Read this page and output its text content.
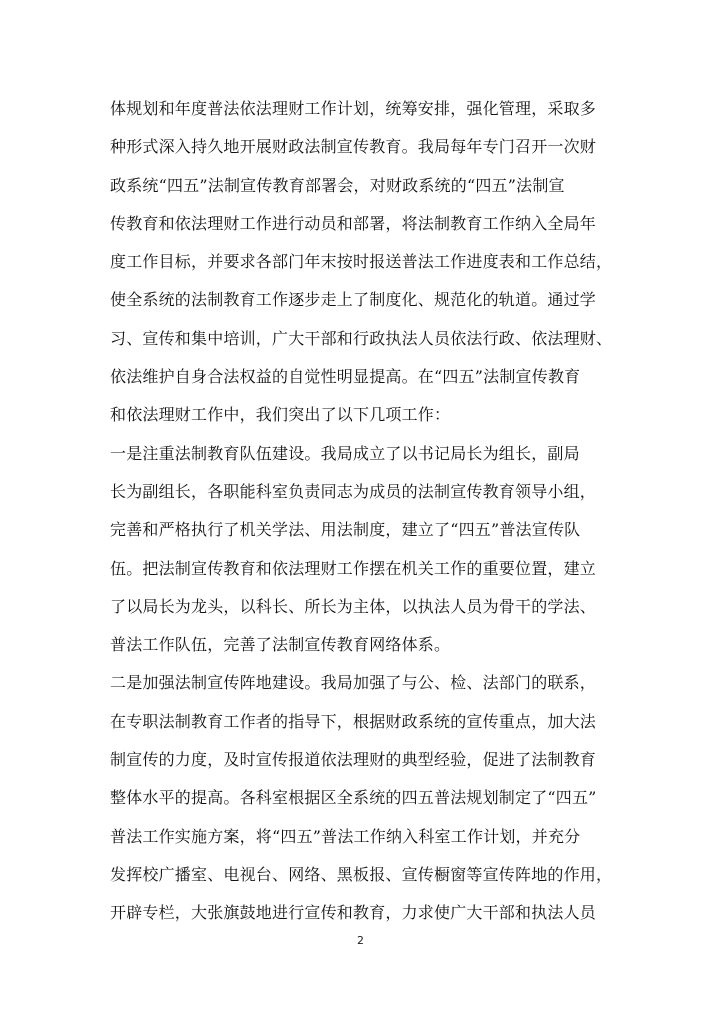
体规划和年度普法依法理财工作计划，统筹安排，强化管理，采取多
种形式深入持久地开展财政法制宣传教育。我局每年专门召开一次财
政系统“四五”法制宣传教育部署会，对财政系统的“四五”法制宣
传教育和依法理财工作进行动员和部署，将法制教育工作纳入全局年
度工作目标，并要求各部门年末按时报送普法工作进度表和工作总结，
使全系统的法制教育工作逐步走上了制度化、规范化的轨道。通过学
习、宣传和集中培训，广大干部和行政执法人员依法行政、依法理财、
依法维护自身合法权益的自觉性明显提高。在“四五”法制宣传教育
和依法理财工作中，我们突出了以下几项工作：
一是注重法制教育队伍建设。我局成立了以书记局长为组长，副局
长为副组长，各职能科室负责同志为成员的法制宣传教育领导小组，
完善和严格执行了机关学法、用法制度，建立了“四五”普法宣传队
伍。把法制宣传教育和依法理财工作摆在机关工作的重要位置，建立
了以局长为龙头，以科长、所长为主体，以执法人员为骨干的学法、
普法工作队伍，完善了法制宣传教育网络体系。
二是加强法制宣传阵地建设。我局加强了与公、检、法部门的联系，
在专职法制教育工作者的指导下，根据财政系统的宣传重点，加大法
制宣传的力度，及时宣传报道依法理财的典型经验，促进了法制教育
整体水平的提高。各科室根据区全系统的四五普法规划制定了“四五”
普法工作实施方案，将“四五”普法工作纳入科室工作计划，并充分
发挥校广播室、电视台、网络、黑板报、宣传橱窗等宣传阵地的作用，
开辟专栏，大张旗鼓地进行宣传和教育，力求使广大干部和执法人员
2
